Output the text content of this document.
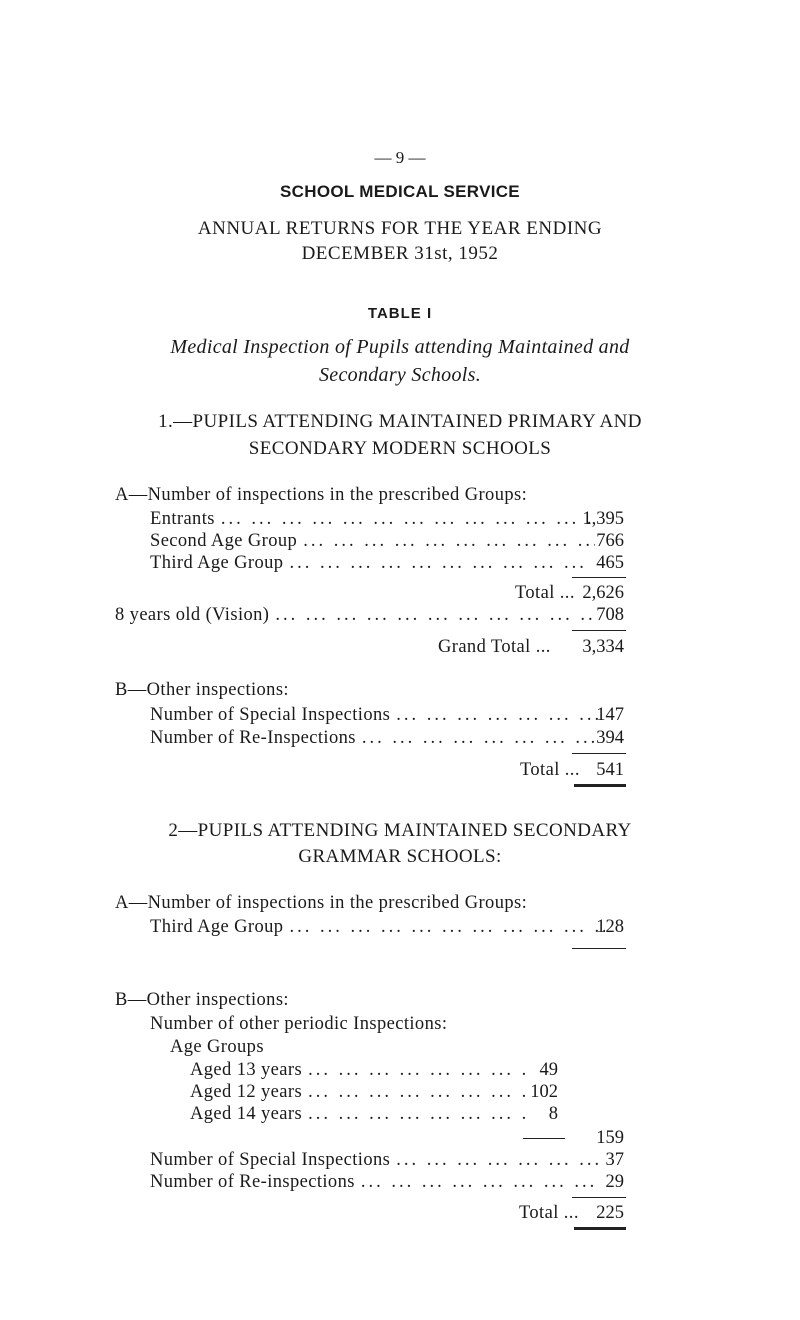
— 9 —
SCHOOL MEDICAL SERVICE
ANNUAL RETURNS FOR THE YEAR ENDING
DECEMBER 31st, 1952
TABLE I
Medical Inspection of Pupils attending Maintained and
Secondary Schools.
1.—PUPILS ATTENDING MAINTAINED PRIMARY AND
SECONDARY MODERN SCHOOLS
A—Number of inspections in the prescribed Groups:
Entrants ... .	1,395
Second Age Group ... .	766
Third Age Group ... .	465
Total ... 2,626
8 years old (Vision) ... .	708
Grand Total ...	3,334
B—Other inspections:
Number of Special Inspections ... .	147
Number of Re-Inspections ... .	394
Total ... 541
2—PUPILS ATTENDING MAINTAINED SECONDARY
GRAMMAR SCHOOLS:
A—Number of inspections in the prescribed Groups:
Third Age Group ... .	128
B—Other inspections:
Number of other periodic Inspections:
Age Groups
Aged 13 years ... .	49
Aged 12 years ... .	102
Aged 14 years ... .	8
159
Number of Special Inspections ... .	37
Number of Re-inspections ... .	29
Total ... 225
